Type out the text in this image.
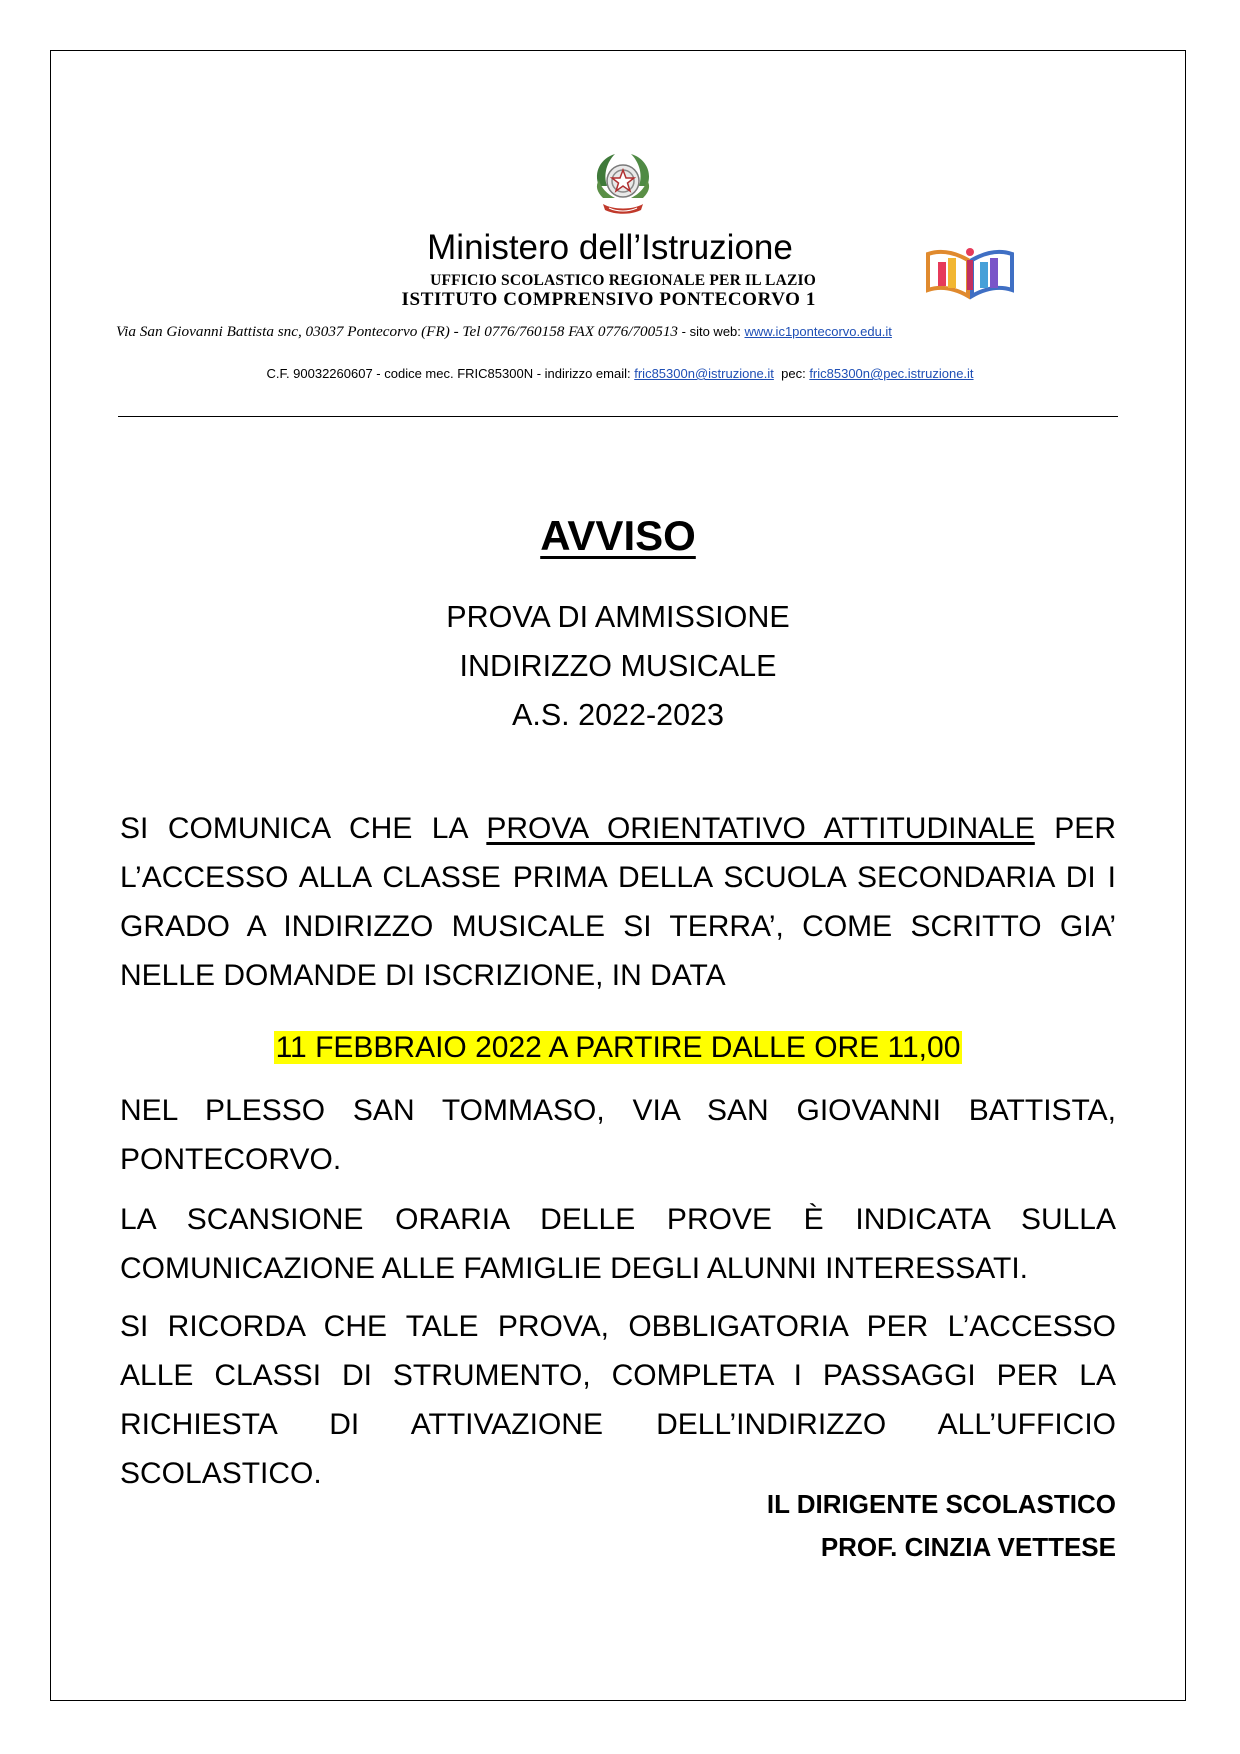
Ministero dell’Istruzione
UFFICIO SCOLASTICO REGIONALE PER IL LAZIO
ISTITUTO COMPRENSIVO PONTECORVO 1
Via San Giovanni Battista snc, 03037 Pontecorvo (FR) - Tel 0776/760158 FAX 0776/700513 - sito web: www.ic1pontecorvo.edu.it
C.F. 90032260607 - codice mec. FRIC85300N - indirizzo email: fric85300n@istruzione.it  pec: fric85300n@pec.istruzione.it
AVVISO
PROVA DI AMMISSIONE
INDIRIZZO MUSICALE
A.S. 2022-2023
SI COMUNICA CHE LA PROVA ORIENTATIVO ATTITUDINALE PER L’ACCESSO ALLA CLASSE PRIMA DELLA SCUOLA SECONDARIA DI I GRADO A INDIRIZZO MUSICALE SI TERRA’, COME SCRITTO GIA’ NELLE DOMANDE DI ISCRIZIONE, IN DATA
11 FEBBRAIO 2022 A PARTIRE DALLE ORE 11,00
NEL PLESSO SAN TOMMASO, VIA SAN GIOVANNI BATTISTA, PONTECORVO.
LA SCANSIONE ORARIA DELLE PROVE È INDICATA SULLA COMUNICAZIONE ALLE FAMIGLIE DEGLI ALUNNI INTERESSATI.
SI RICORDA CHE TALE PROVA, OBBLIGATORIA PER L’ACCESSO ALLE CLASSI DI STRUMENTO, COMPLETA I PASSAGGI PER LA RICHIESTA DI ATTIVAZIONE DELL’INDIRIZZO ALL’UFFICIO SCOLASTICO.
IL DIRIGENTE SCOLASTICO
PROF. CINZIA VETTESE
